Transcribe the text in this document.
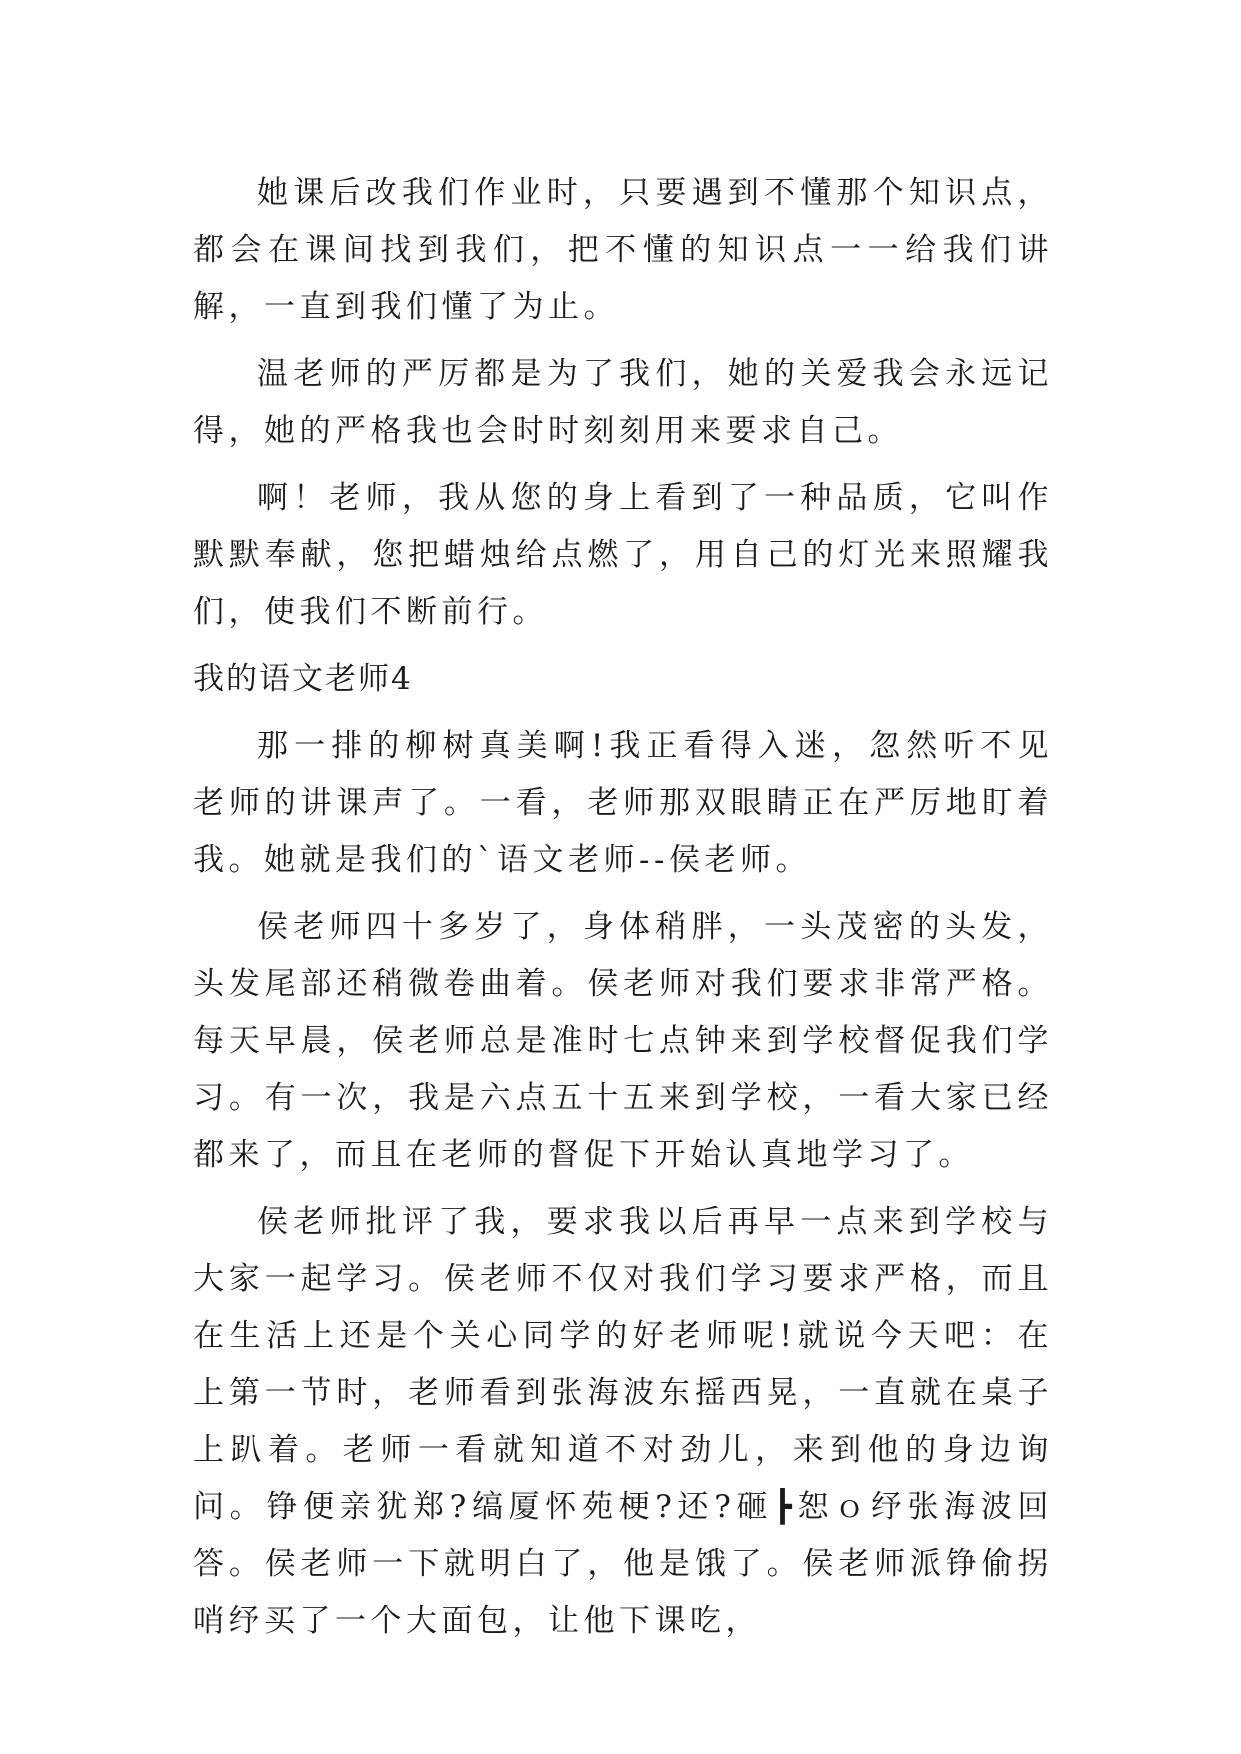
她课后改我们作业时，只要遇到不懂那个知识点，都会在课间找到我们，把不懂的知识点一一给我们讲解，一直到我们懂了为止。

温老师的严厉都是为了我们，她的关爱我会永远记得，她的严格我也会时时刻刻用来要求自己。

啊！老师，我从您的身上看到了一种品质，它叫作默默奉献，您把蜡烛给点燃了，用自己的灯光来照耀我们，使我们不断前行。

我的语文老师4

那一排的柳树真美啊!我正看得入迷，忽然听不见老师的讲课声了。一看，老师那双眼睛正在严厉地盯着我。她就是我们的`语文老师--侯老师。

侯老师四十多岁了，身体稍胖，一头茂密的头发，头发尾部还稍微卷曲着。侯老师对我们要求非常严格。每天早晨，侯老师总是准时七点钟来到学校督促我们学习。有一次，我是六点五十五来到学校，一看大家已经都来了，而且在老师的督促下开始认真地学习了。

侯老师批评了我，要求我以后再早一点来到学校与大家一起学习。侯老师不仅对我们学习要求严格，而且在生活上还是个关心同学的好老师呢!就说今天吧：在上第一节时，老师看到张海波东摇西晃，一直就在桌子上趴着。老师一看就知道不对劲儿，来到他的身边询问。铮便亲犹郑?缟厦怀苑梗?还?砸┣恕ｏ纾张海波回答。侯老师一下就明白了，他是饿了。侯老师派铮偷拐哨纾买了一个大面包，让他下课吃，
